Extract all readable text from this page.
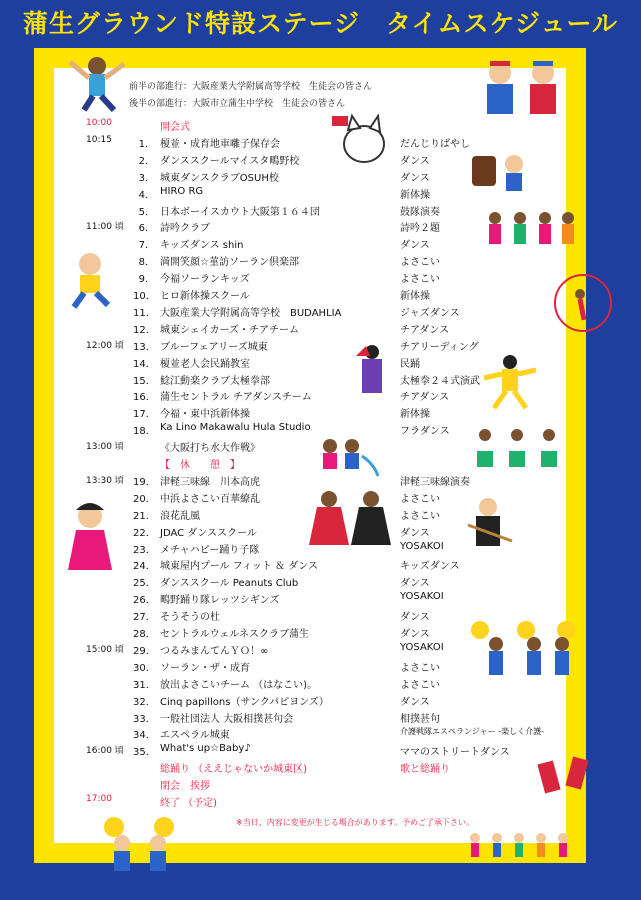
蒲生グラウンド特設ステージ　タイムスケジュール
前半の部進行：大阪産業大学附属高等学校　生徒会の皆さん
後半の部進行：大阪市立蒲生中学校　生徒会の皆さん
10:00	開会式
10:15	1． 榎並・成育地車囃子保存会	だんじりばやし
2． ダンススクールマイスタ鴫野校	ダンス
3． 城東ダンスクラブOSUH校	ダンス
4． HIRO RG	新体操
5． 日本ボーイスカウト大阪第１６４団	鼓隊演奏
11:00 頃	6． 詩吟クラブ	詩吟２題
7． キッズダンス shin	ダンス
8． 満開笑顔☆菫訪ソーラン倶楽部	よさこい
9． 今福ソーランキッズ	よさこい
10． ヒロ新体操スクール	新体操
11． 大阪産業大学附属高等学校　BUDAHLIA	ジャズダンス
12． 城東シェイカーズ・チアチーム	チアダンス
12:00 頃 13． ブルーフェアリーズ城東	チアリーディング
14． 榎並老人会民踊教室	民踊
15． 鯰江動楽クラブ太極拳部	太極拳２４式演武
16． 蒲生セントラル チアダンスチーム	チアダンス
17． 今福・東中浜新体操	新体操
18． Ka Lino Makawalu Hula Studio	フラダンス
13:00 頃	《大阪打ち水大作戦》
【　休　　憩　】
13:30 頃 19． 津軽三味線　川本高虎	津軽三味線演奏
20． 中浜よさこい百華繚乱	よさこい
21． 浪花乱風	よさこい
22． JDAC ダンススクール	ダンス
23． メチャハピー踊り子隊	YOSAKOI
24． 城東屋内プール フィット ＆ ダンス	キッズダンス
25． ダンススクール Peanuts Club	ダンス
26． 鴫野踊り隊レッツシギンズ	YOSAKOI
27． そうそうの杜	ダンス
28． セントラルウェルネスクラブ蒲生	ダンス
15:00 頃 29． つるみまんてんＹＯ！∞	YOSAKOI
30． ソーラン・ザ・成育	よさこい
31． 放出よさこいチーム （はなこい)。	よさこい
32． Cinq papillons（サンクパピヨンズ）	ダンス
33． 一般社団法人 大阪相撲甚句会	相撲甚句
34． エスペラル城東	介護戦隊エスペランジャー -楽しく介護-
16:00 頃 35． What's up☆Baby♪	ママのストリートダンス
総踊り （ええじゃないか城東区)	歌と総踊り
閉会　挨拶
17:00	終了 （予定)
※当日、内容に変更が生じる場合があります。予めご了承下さい。
